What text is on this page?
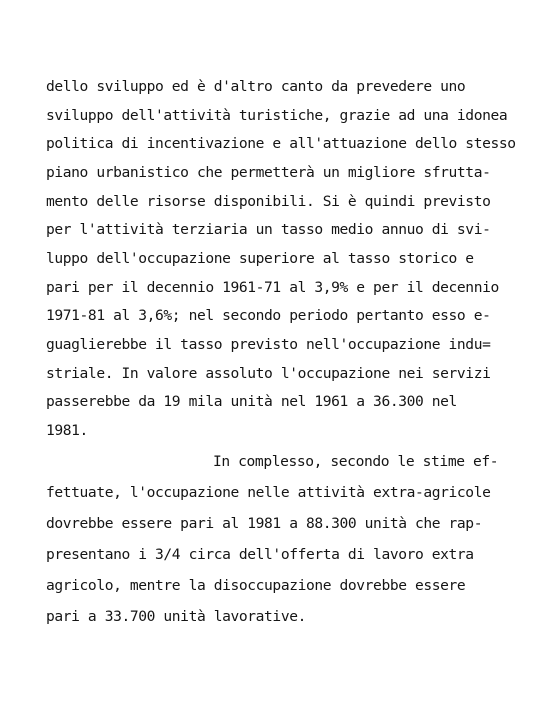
dello sviluppo ed è d'altro canto da prevedere uno
sviluppo dell'attività turistiche, grazie ad una idonea
politica di incentivazione e all'attuazione dello stesso
piano urbanistico che permetterà un migliore sfrutta-
mento delle risorse disponibili. Si è quindi previsto
per l'attività terziaria un tasso medio annuo di svi-
luppo dell'occupazione superiore al tasso storico e
pari per il decennio 1961-71 al 3,9% e per il decennio
1971-81 al 3,6%; nel secondo periodo pertanto esso e-
guaglierebbe il tasso previsto nell'occupazione indu=
striale. In valore assoluto l'occupazione nei servizi
passerebbe da 19 mila unità nel 1961 a 36.300 nel
1981.
In complesso, secondo le stime ef-
fettuate, l'occupazione nelle attività extra-agricole
dovrebbe essere pari al 1981 a 88.300 unità che rap-
presentano i 3/4 circa dell'offerta di lavoro extra
agricolo, mentre la disoccupazione dovrebbe essere
pari a 33.700 unità lavorative.
